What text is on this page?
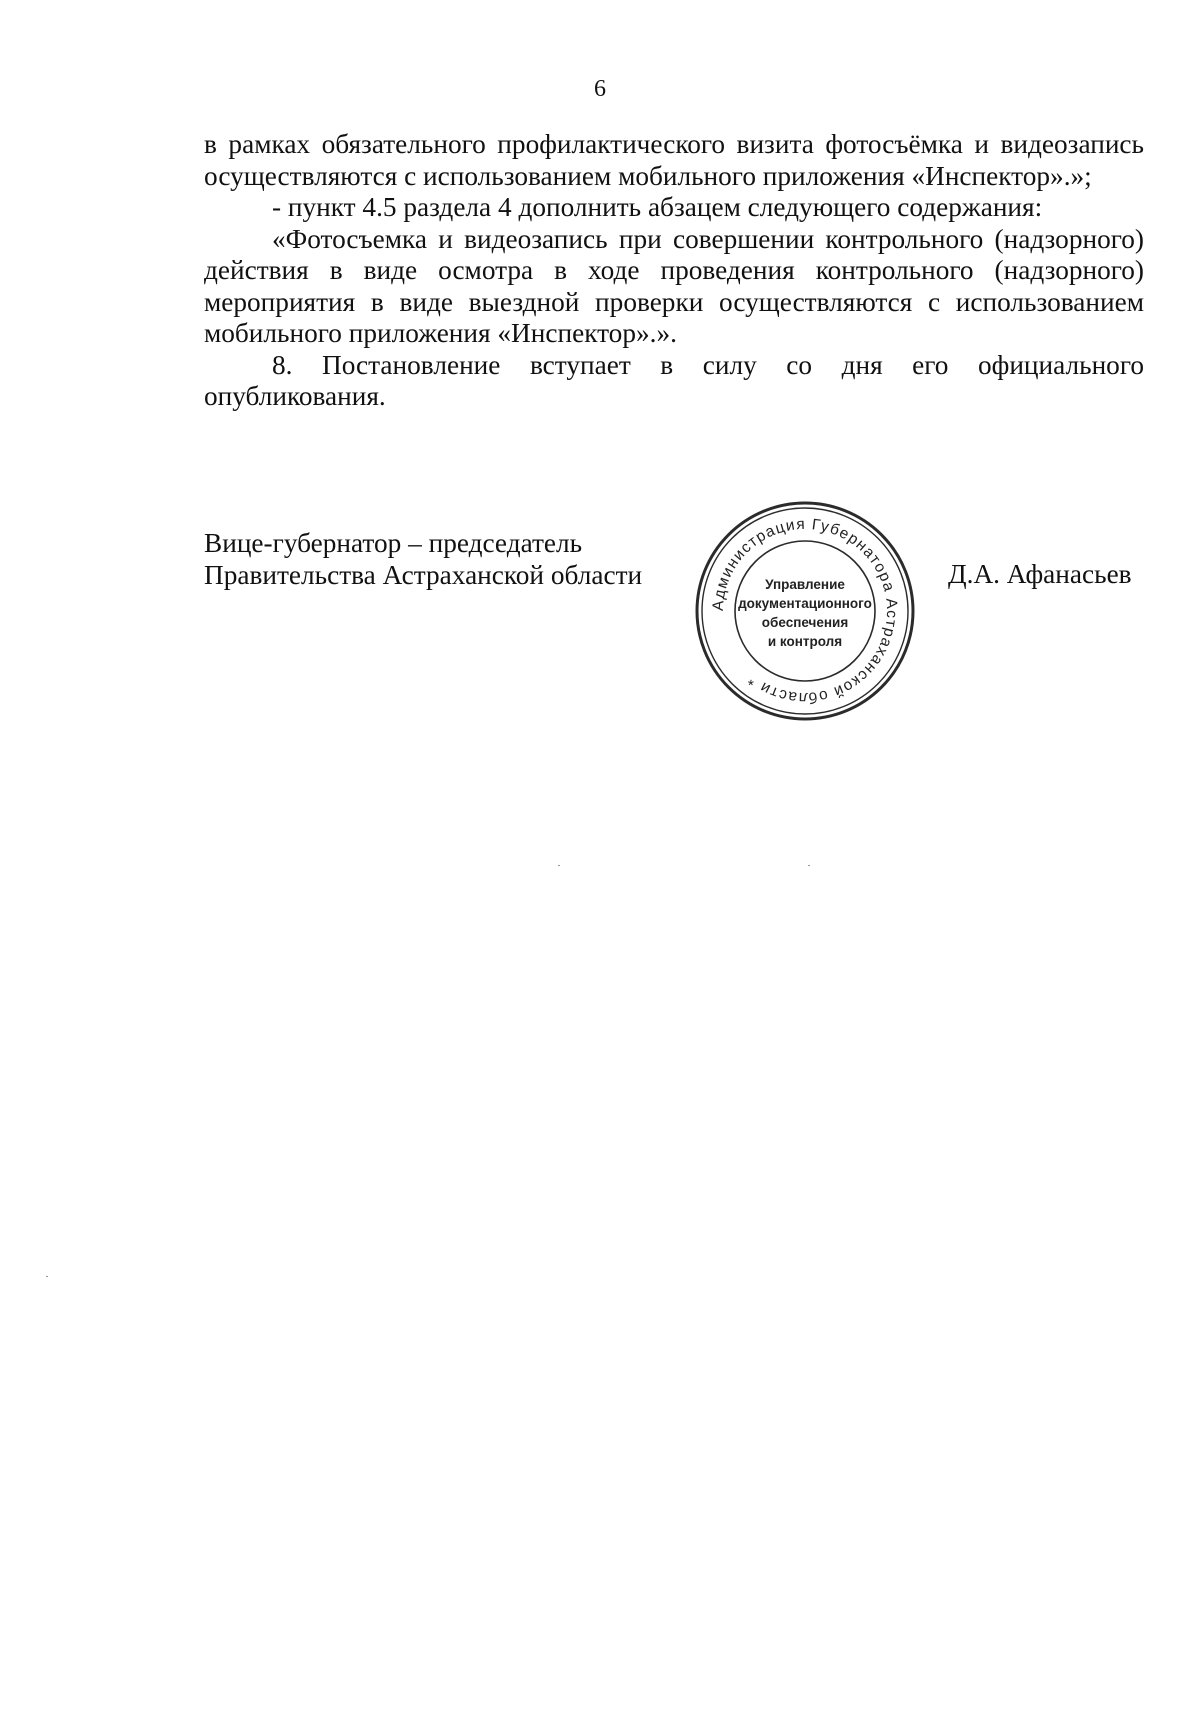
6

в рамках обязательного профилактического визита фотосъёмка и видеозапись осуществляются с использованием мобильного приложения «Инспектор».»;

- пункт 4.5 раздела 4 дополнить абзацем следующего содержания:

«Фотосъемка и видеозапись при совершении контрольного (надзорного) действия в виде осмотра в ходе проведения контрольного (надзорного) мероприятия в виде выездной проверки осуществляются с использованием мобильного приложения «Инспектор».».

8. Постановление вступает в силу со дня его официального опубликования.

Вице-губернатор – председатель
Правительства Астраханской области
Администрация Губернатора Астраханской области *
Управление
документационного
обеспечения
и контроля
Д.А. Афанасьев
